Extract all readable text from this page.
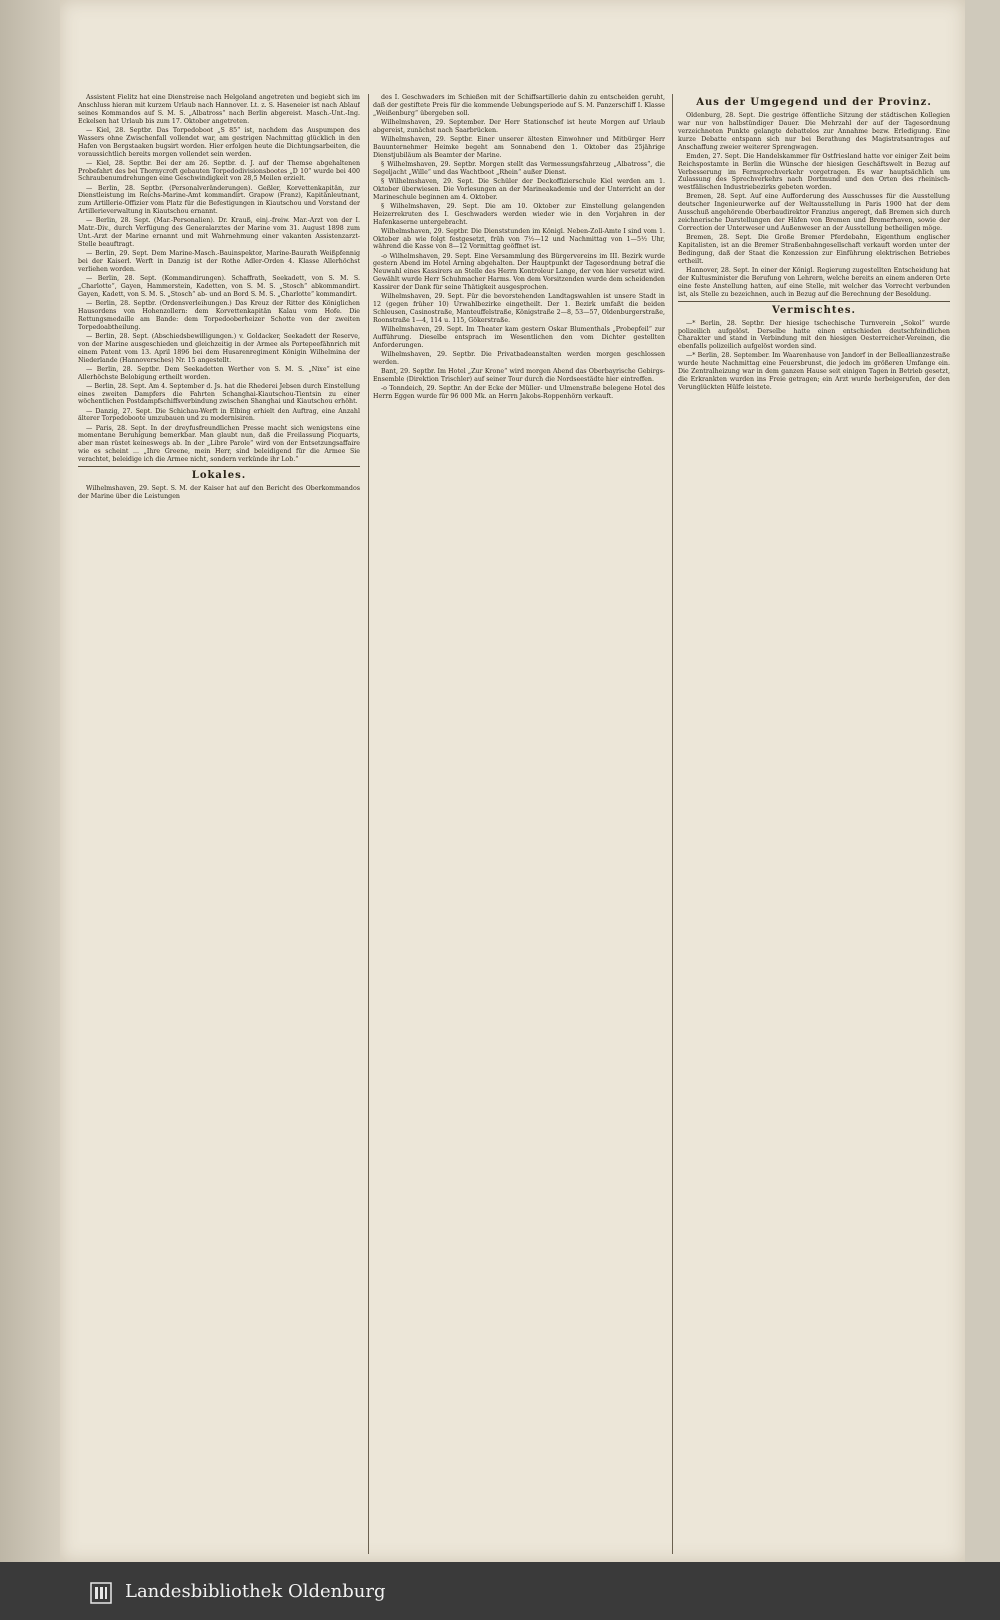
Assistent Fielitz hat eine Dienstreise nach Helgoland angetreten und begiebt sich im Anschluss hieran mit kurzem Urlaub nach Hannover. Lt. z. S. Haseneier ist nach Ablauf seines Kommandos auf S. M. S. „Albatross“ nach Berlin abgereist. Masch.-Unt.-Ing. Eckelsen hat Urlaub bis zum 17. Oktober angetreten.

— Kiel, 28. Septbr. Das Torpedoboot „S 85“ ist, nachdem das Auspumpen des Wassers ohne Zwischenfall vollendet war, am gestrigen Nachmittag glücklich in den Hafen von Bergstaaken bugsirt worden. Hier erfolgen heute die Dichtungsarbeiten, die voraussichtlich bereits morgen vollendet sein werden.

— Kiel, 28. Septbr. Bei der am 26. Septbr. d. J. auf der Themse abgehaltenen Probefahrt des bei Thornycroft gebauten Torpedodivisionsbootes „D 10“ wurde bei 400 Schraubenumdrehungen eine Geschwindigkeit von 28,5 Meilen erzielt.

— Berlin, 28. Septbr. (Personalveränderungen). Geßler, Korvettenkapitän, zur Dienstleistung im Reichs-Marine-Amt kommandirt. Grapow (Franz), Kapitänleutnant, zum Artillerie-Offizier vom Platz für die Befestigungen in Kiautschou und Vorstand der Artillerieverwaltung in Kiautschou ernannt.

— Berlin, 28. Sept. (Mar.-Personalien). Dr. Krauß, einj.-freiw. Mar.-Arzt von der I. Matr.-Div., durch Verfügung des Generalarztes der Marine vom 31. August 1898 zum Unt.-Arzt der Marine ernannt und mit Wahrnehmung einer vakanten Assistenzarzt-Stelle beauftragt.

— Berlin, 29. Sept. Dem Marine-Masch.-Bauinspektor, Marine-Baurath Weißpfennig bei der Kaiserl. Werft in Danzig ist der Rothe Adler-Orden 4. Klasse Allerhöchst verliehen worden.

— Berlin, 28. Sept. (Kommandirungen). Schaffrath, Seekadett, von S. M. S. „Charlotte“, Gayen, Hammerstein, Kadetten, von S. M. S. „Stosch“ abkommandirt. Gayen, Kadett, von S. M. S. „Stosch“ ab- und an Bord S. M. S. „Charlotte“ kommandirt.

— Berlin, 28. Septbr. (Ordensverleihungen.) Das Kreuz der Ritter des Königlichen Hausordens von Hohenzollern: dem Korvettenkapitän Kalau vom Hofe. Die Rettungsmedaille am Bande: dem Torpedooberheizer Schotte von der zweiten Torpedoabtheilung.

— Berlin, 28. Sept. (Abschiedsbewilligungen.) v. Goldacker, Seekadett der Reserve, von der Marine ausgeschieden und gleichzeitig in der Armee als Portepeefähnrich mit einem Patent vom 13. April 1896 bei dem Husarenregiment Königin Wilhelmina der Niederlande (Hannoversches) Nr. 15 angestellt.

— Berlin, 28. Septbr. Dem Seekadetten Werther von S. M. S. „Nixe“ ist eine Allerhöchste Belobigung ertheilt worden.

— Berlin, 28. Sept. Am 4. September d. Js. hat die Rhederei Jebsen durch Einstellung eines zweiten Dampfers die Fahrten Schanghai-Kiautschou-Tientsin zu einer wöchentlichen Postdampfschiffsverbindung zwischen Shanghai und Kiautschou erhöht.

— Danzig, 27. Sept. Die Schichau-Werft in Elbing erhielt den Auftrag, eine Anzahl älterer Torpedoboote umzubauen und zu modernisiren.

— Paris, 28. Sept. In der dreyfusfreundlichen Presse macht sich wenigstens eine momentane Beruhigung bemerkbar. Man glaubt nun, daß die Freilassung Picquarts, aber man rüstet keineswegs ab. In der „Libre Parole“ wird von der Entsetzungsaffaire wie es scheint ... „Ihre Greene, mein Herr, sind beleidigend für die Armee Sie verachtet, beleidige ich die Armee nicht, sondern verkünde ihr Lob.“

Lokales.

Wilhelmshaven, 29. Sept. S. M. der Kaiser hat auf den Bericht des Oberkommandos der Marine über die Leistungen

des I. Geschwaders im Schießen mit der Schiffsartillerie dahin zu entscheiden geruht, daß der gestiftete Preis für die kommende Uebungsperiode auf S. M. Panzerschiff I. Klasse „Weißenburg“ übergeben soll.

Wilhelmshaven, 29. September. Der Herr Stationschef ist heute Morgen auf Urlaub abgereist, zunächst nach Saarbrücken.

Wilhelmshaven, 29. Septbr. Einer unserer ältesten Einwohner und Mitbürger Herr Bauunternehmer Heimke begeht am Sonnabend den 1. Oktober das 25jährige Dienstjubiläum als Beamter der Marine.

§ Wilhelmshaven, 29. Septbr. Morgen stellt das Vermessungsfahrzeug „Albatross“, die Segeljacht „Wille“ und das Wachtboot „Rhein“ außer Dienst.

§ Wilhelmshaven, 29. Sept. Die Schüler der Deckoffizierschule Kiel werden am 1. Oktober überwiesen. Die Vorlesungen an der Marineakademie und der Unterricht an der Marineschule beginnen am 4. Oktober.

§ Wilhelmshaven, 29. Sept. Die am 10. Oktober zur Einstellung gelangenden Heizerrekruten des I. Geschwaders werden wieder wie in den Vorjahren in der Hafenkaserne untergebracht.

Wilhelmshaven, 29. Septbr. Die Dienststunden im Königl. Neben-Zoll-Amte I sind vom 1. Oktober ab wie folgt festgesetzt, früh von 7½—12 und Nachmittag von 1—5½ Uhr, während die Kasse von 8—12 Vormittag geöffnet ist.

-o Wilhelmshaven, 29. Sept. Eine Versammlung des Bürgervereins im III. Bezirk wurde gestern Abend im Hotel Arning abgehalten. Der Hauptpunkt der Tagesordnung betraf die Neuwahl eines Kassirers an Stelle des Herrn Kontroleur Lange, der von hier versetzt wird. Gewählt wurde Herr Schuhmacher Harms. Von dem Vorsitzenden wurde dem scheidenden Kassirer der Dank für seine Thätigkeit ausgesprochen.

Wilhelmshaven, 29. Sept. Für die bevorstehenden Landtagswahlen ist unsere Stadt in 12 (gegen früher 10) Urwahlbezirke eingetheilt. Der 1. Bezirk umfaßt die beiden Schleusen, Casinostraße, Manteuffelstraße, Königstraße 2—8, 53—57, Oldenburgerstraße, Roonstraße 1—4, 114 u. 115, Gökerstraße.

Wilhelmshaven, 29. Sept. Im Theater kam gestern Oskar Blumenthals „Probepfeil“ zur Aufführung. Dieselbe entsprach im Wesentlichen den vom Dichter gestellten Anforderungen.

Wilhelmshaven, 29. Septbr. Die Privatbadeanstalten werden morgen geschlossen werden.

Bant, 29. Septbr. Im Hotel „Zur Krone“ wird morgen Abend das Oberbayrische Gebirgs-Ensemble (Direktion Trischler) auf seiner Tour durch die Nordseestädte hier eintreffen.

-o Tonndeich, 29. Septbr. An der Ecke der Müller- und Ulmenstraße belegene Hotel des Herrn Eggen wurde für 96 000 Mk. an Herrn Jakobs-Roppenhörn verkauft.

Aus der Umgegend und der Provinz.

Oldenburg, 28. Sept. Die gestrige öffentliche Sitzung der städtischen Kollegien war nur von halbstündiger Dauer. Die Mehrzahl der auf der Tagesordnung verzeichneten Punkte gelangte debattelos zur Annahme bezw. Erledigung. Eine kurze Debatte entspann sich nur bei Berathung des Magistratsantrages auf Anschaffung zweier weiterer Sprengwagen.

Emden, 27. Sept. Die Handelskammer für Ostfriesland hatte vor einiger Zeit beim Reichspostamte in Berlin die Wünsche der hiesigen Geschäftswelt in Bezug auf Verbesserung im Fernsprechverkehr vorgetragen. Es war hauptsächlich um Zulassung des Sprechverkehrs nach Dortmund und den Orten des rheinisch-westfälischen Industriebezirks gebeten worden.

Bremen, 28. Sept. Auf eine Aufforderung des Ausschusses für die Ausstellung deutscher Ingenieurwerke auf der Weltausstellung in Paris 1900 hat der dem Ausschuß angehörende Oberbaudirektor Franzius angeregt, daß Bremen sich durch zeichnerische Darstellungen der Häfen von Bremen und Bremerhaven, sowie der Correction der Unterweser und Außenweser an der Ausstellung betheiligen möge.

Bremen, 28. Sept. Die Große Bremer Pferdebahn, Eigenthum englischer Kapitalisten, ist an die Bremer Straßenbahngesellschaft verkauft worden unter der Bedingung, daß der Staat die Konzession zur Einführung elektrischen Betriebes ertheilt.

Hannover, 28. Sept. In einer der Königl. Regierung zugestellten Entscheidung hat der Kultusminister die Berufung von Lehrern, welche bereits an einem anderen Orte eine feste Anstellung hatten, auf eine Stelle, mit welcher das Vorrecht verbunden ist, als Stelle zu bezeichnen, auch in Bezug auf die Berechnung der Besoldung.

Vermischtes.

—* Berlin, 28. Septbr. Der hiesige tschechische Turnverein „Sokol“ wurde polizeilich aufgelöst. Derselbe hatte einen entschieden deutschfeindlichen Charakter und stand in Verbindung mit den hiesigen Oesterreicher-Vereinen, die ebenfalls polizeilich aufgelöst worden sind.

—* Berlin, 28. September. Im Waarenhause von Jandorf in der Belleallianzestraße wurde heute Nachmittag eine Feuersbrunst, die jedoch im größeren Umfange ein. Die Zentralheizung war in dem ganzen Hause seit einigen Tagen in Betrieb gesetzt, die Erkrankten wurden ins Freie getragen; ein Arzt wurde herbeigerufen, der den Verunglückten Hülfe leistete.

Landesbibliothek Oldenburg
